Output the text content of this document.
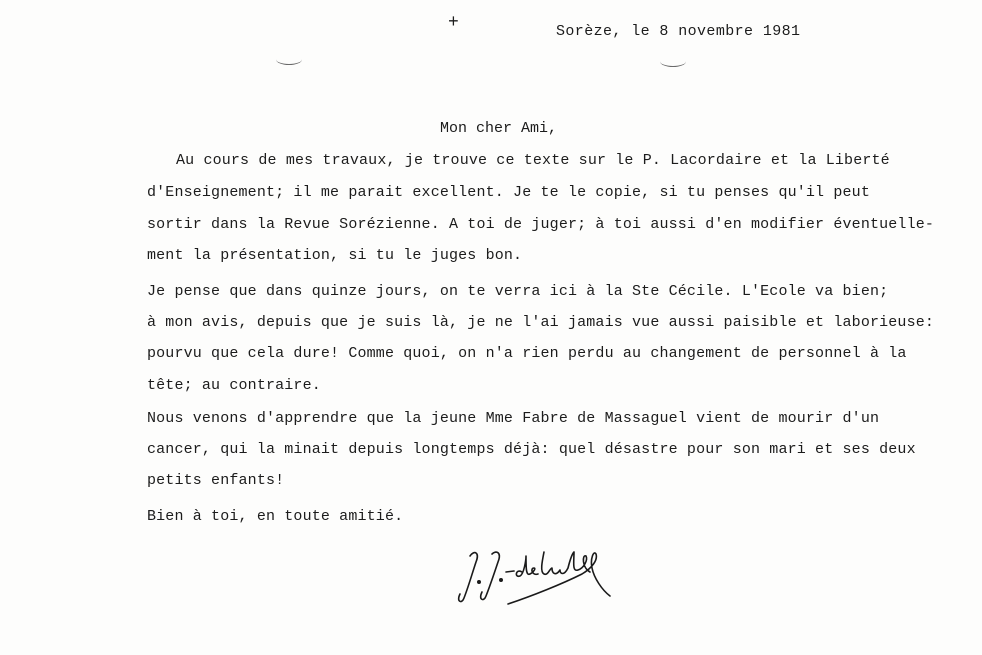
+	Sorèze, le 8 novembre 1981
Mon cher Ami,
Au cours de mes travaux, je trouve ce texte sur le P. Lacordaire et la Liberté
d'Enseignement; il me parait excellent. Je te le copie, si tu penses qu'il peut
sortir dans la Revue Sorézienne. A toi de juger; à toi aussi d'en modifier éventuelle-
ment la présentation, si tu le juges bon.
Je pense que dans quinze jours, on te verra ici à la Ste Cécile. L'Ecole va bien;
à mon avis, depuis que je suis là, je ne l'ai jamais vue aussi paisible et laborieuse:
pourvu que cela dure! Comme quoi, on n'a rien perdu au changement de personnel à la
tête; au contraire.
Nous venons d'apprendre que la jeune Mme Fabre de Massaguel vient de mourir d'un
cancer, qui la minait depuis longtemps déjà: quel désastre pour son mari et ses deux
petits enfants!
Bien à toi, en toute amitié.
